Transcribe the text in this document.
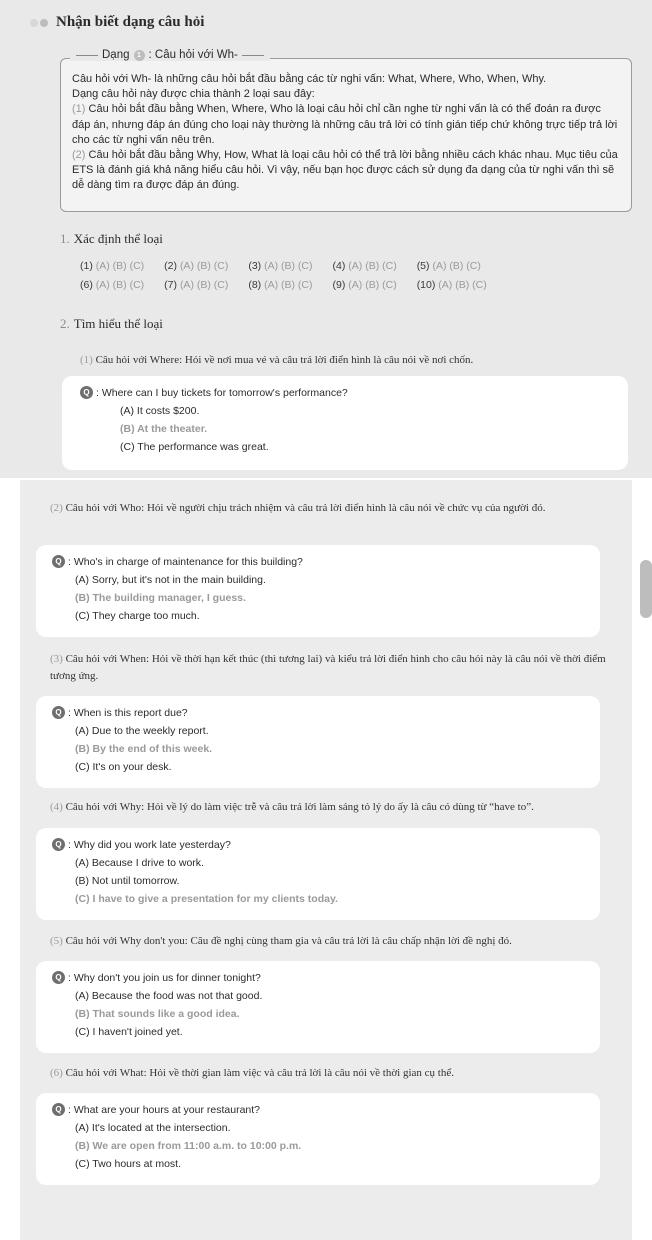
Nhận biết dạng câu hỏi
Dạng	1 : Câu hỏi với Wh-

Câu hỏi với Wh- là những câu hỏi bắt đầu bằng các từ nghi vấn: What, Where, Who, When, Why.

Dạng câu hỏi này được chia thành 2 loại sau đây:

(1) Câu hỏi bắt đầu bằng When, Where, Who là loại câu hỏi chỉ cần nghe từ nghi vấn là có thể đoán ra được đáp án, nhưng đáp án đúng cho loại này thường là những câu trả lời có tính gián tiếp chứ không trực tiếp trả lời cho các từ nghi vấn nêu trên.

(2) Câu hỏi bắt đầu bằng Why, How, What là loại câu hỏi có thể trả lời bằng nhiều cách khác nhau. Mục tiêu của ETS là đánh giá khả năng hiểu câu hỏi. Vì vậy, nếu bạn học được cách sử dụng đa dạng của từ nghi vấn thì sẽ dễ dàng tìm ra được đáp án đúng.

1. Xác định thể loại
(1) (A) (B) (C) (2) (A) (B) (C) (3) (A) (B) (C) (4) (A) (B) (C) (5) (A) (B) (C)
(6) (A) (B) (C) (7) (A) (B) (C) (8) (A) (B) (C) (9) (A) (B) (C) (10) (A) (B) (C)
2. Tìm hiểu thể loại
(1) Câu hỏi với Where: Hỏi về nơi mua vé và câu trả lời điển hình là câu nói về nơi chốn.
Q : Where can I buy tickets for tomorrow's performance?
(A) It costs $200.
(B) At the theater.
(C) The performance was great.
(2) Câu hỏi với Who: Hỏi về người chịu trách nhiệm và câu trả lời điển hình là câu nói về chức vụ của người đó.
Q : Who's in charge of maintenance for this building?
(A) Sorry, but it's not in the main building.
(B) The building manager, I guess.
(C) They charge too much.
(3) Câu hỏi với When: Hỏi về thời hạn kết thúc (thì tương lai) và kiểu trả lời điển hình cho câu hỏi này là câu nói về thời điểm tương ứng.
Q : When is this report due?
(A) Due to the weekly report.
(B) By the end of this week.
(C) It's on your desk.
(4) Câu hỏi với Why: Hỏi về lý do làm việc trễ và câu trả lời làm sáng tỏ lý do ấy là câu có dùng từ “have to”.
Q : Why did you work late yesterday?
(A) Because I drive to work.
(B) Not until tomorrow.
(C) I have to give a presentation for my clients today.
(5) Câu hỏi với Why don't you: Câu đề nghị cùng tham gia và câu trả lời là câu chấp nhận lời đề nghị đó.
Q : Why don't you join us for dinner tonight?
(A) Because the food was not that good.
(B) That sounds like a good idea.
(C) I haven't joined yet.
(6) Câu hỏi với What: Hỏi về thời gian làm việc và câu trả lời là câu nói về thời gian cụ thể.
Q : What are your hours at your restaurant?
(A) It's located at the intersection.
(B) We are open from 11:00 a.m. to 10:00 p.m.
(C) Two hours at most.
